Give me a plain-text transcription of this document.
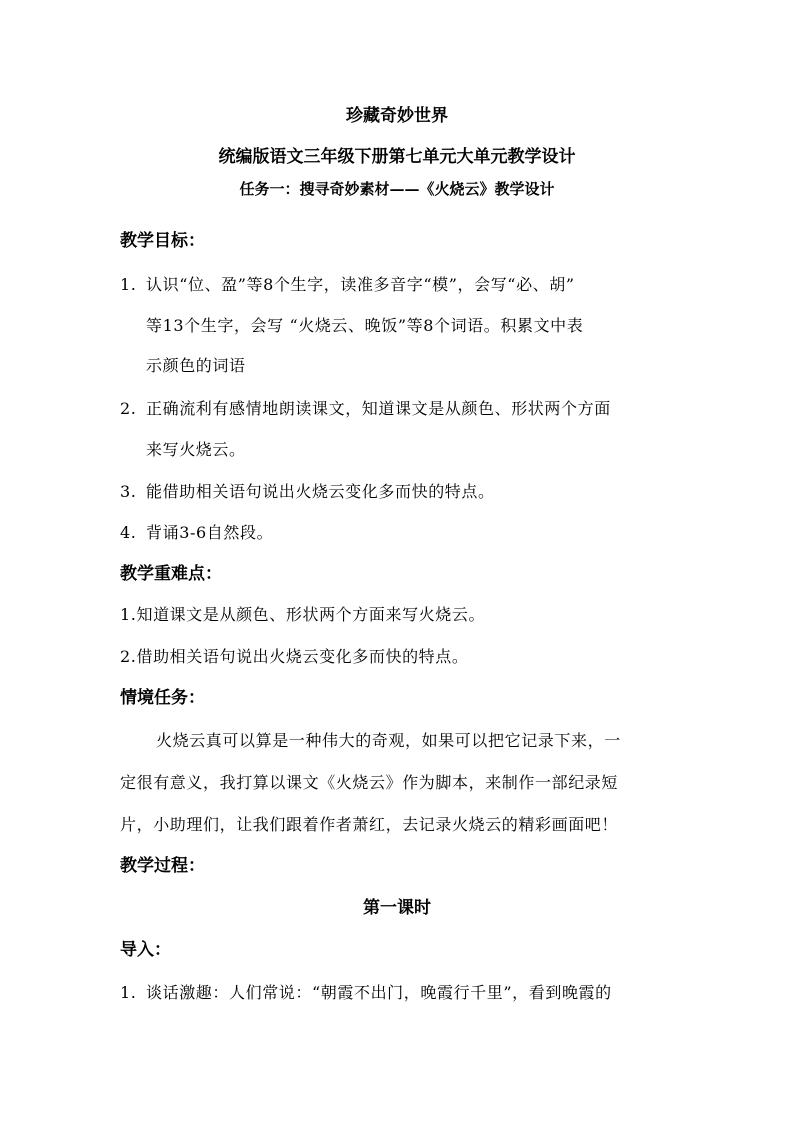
珍藏奇妙世界
统编版语文三年级下册第七单元大单元教学设计
任务一：搜寻奇妙素材——《火烧云》教学设计
教学目标：
1. 认识“位、盈”等8个生字，读准多音字“模”，会写“必、胡”
等13个生字，会写 “火烧云、晚饭”等8个词语。积累文中表
示颜色的词语
2. 正确流利有感情地朗读课文，知道课文是从颜色、形状两个方面
来写火烧云。
3. 能借助相关语句说出火烧云变化多而快的特点。
4. 背诵3-6自然段。
教学重难点：
1.知道课文是从颜色、形状两个方面来写火烧云。
2.借助相关语句说出火烧云变化多而快的特点。
情境任务：
火烧云真可以算是一种伟大的奇观，如果可以把它记录下来，一
定很有意义，我打算以课文《火烧云》作为脚本，来制作一部纪录短
片，小助理们，让我们跟着作者萧红，去记录火烧云的精彩画面吧！
教学过程：
第一课时
导入：
1. 谈话激趣：人们常说：“朝霞不出门，晚霞行千里”，看到晚霞的
